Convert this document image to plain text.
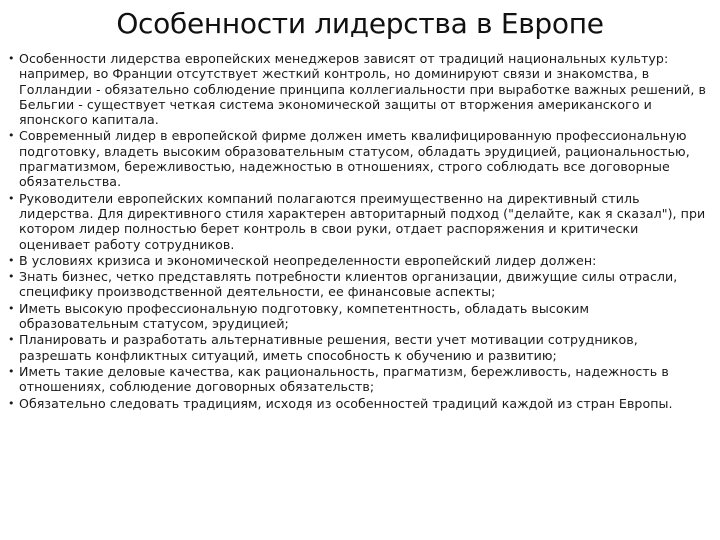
Особенности лидерства в Европе
• Особенности лидерства европейских менеджеров зависят от традиций национальных культур: например, во Франции отсутствует жесткий контроль, но доминируют связи и знакомства, в Голландии - обязательно соблюдение принципа коллегиальности при выработке важных решений, в Бельгии - существует четкая система экономической защиты от вторжения американского и японского капитала.
• Современный лидер в европейской фирме должен иметь квалифицированную профессиональную подготовку, владеть высоким образовательным статусом, обладать эрудицией, рациональностью, прагматизмом, бережливостью, надежностью в отношениях, строго соблюдать все договорные обязательства.
• Руководители европейских компаний полагаются преимущественно на директивный стиль лидерства. Для директивного стиля характерен авторитарный подход ("делайте, как я сказал"), при котором лидер полностью берет контроль в свои руки, отдает распоряжения и критически оценивает работу сотрудников.
• В условиях кризиса и экономической неопределенности европейский лидер должен:
• Знать бизнес, четко представлять потребности клиентов организации, движущие силы отрасли, специфику производственной деятельности, ее финансовые аспекты;
• Иметь высокую профессиональную подготовку, компетентность, обладать высоким образовательным статусом, эрудицией;
• Планировать и разработать альтернативные решения, вести учет мотивации сотрудников, разрешать конфликтных ситуаций, иметь способность к обучению и развитию;
• Иметь такие деловые качества, как рациональность, прагматизм, бережливость, надежность в отношениях, соблюдение договорных обязательств;
• Обязательно следовать традициям, исходя из особенностей традиций каждой из стран Европы.
